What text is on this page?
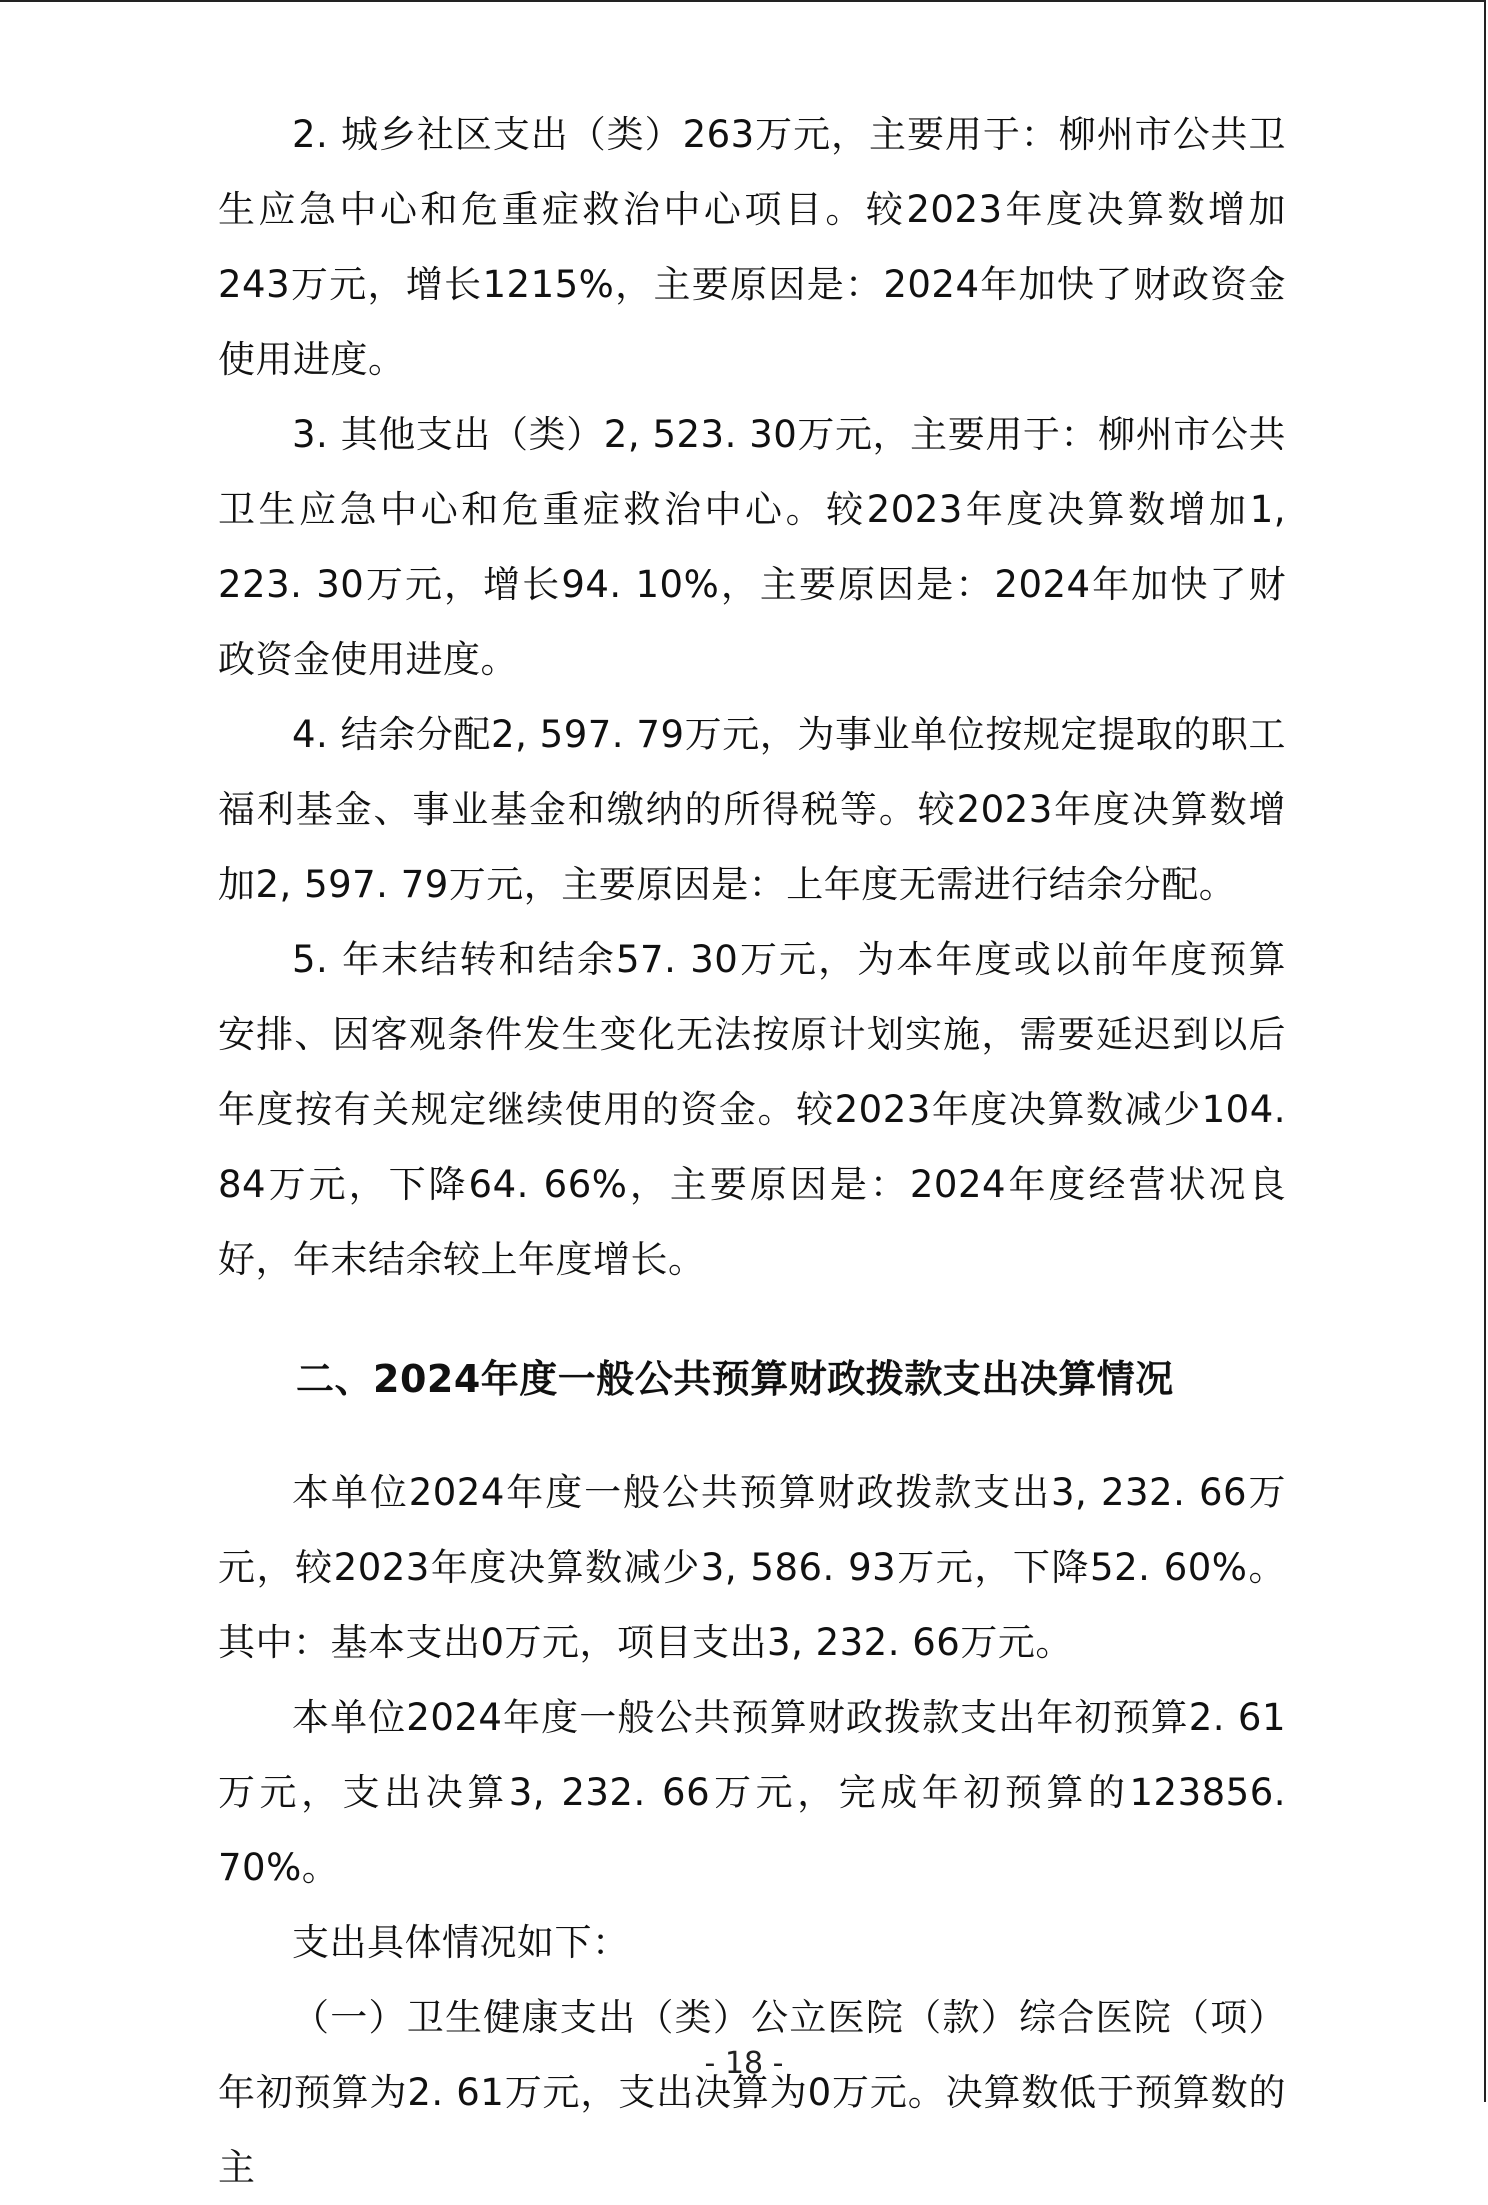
2. 城乡社区支出（类）263万元，主要用于：柳州市公共卫生应急中心和危重症救治中心项目。较2023年度决算数增加243万元，增长1215%，主要原因是：2024年加快了财政资金使用进度。

3. 其他支出（类）2, 523. 30万元，主要用于：柳州市公共卫生应急中心和危重症救治中心。较2023年度决算数增加1, 223. 30万元，增长94. 10%，主要原因是：2024年加快了财政资金使用进度。

4. 结余分配2, 597. 79万元，为事业单位按规定提取的职工福利基金、事业基金和缴纳的所得税等。较2023年度决算数增加2, 597. 79万元，主要原因是：上年度无需进行结余分配。

5. 年末结转和结余57. 30万元，为本年度或以前年度预算安排、因客观条件发生变化无法按原计划实施，需要延迟到以后年度按有关规定继续使用的资金。较2023年度决算数减少104. 84万元，下降64. 66%，主要原因是：2024年度经营状况良好，年末结余较上年度增长。

二、2024年度一般公共预算财政拨款支出决算情况

本单位2024年度一般公共预算财政拨款支出3, 232. 66万元，较2023年度决算数减少3, 586. 93万元，下降52. 60%。其中：基本支出0万元，项目支出3, 232. 66万元。

本单位2024年度一般公共预算财政拨款支出年初预算2. 61万元，支出决算3, 232. 66万元，完成年初预算的123856. 70%。

支出具体情况如下：

（一）卫生健康支出（类）公立医院（款）综合医院（项）年初预算为2. 61万元，支出决算为0万元。决算数低于预算数的主

- 18 -
